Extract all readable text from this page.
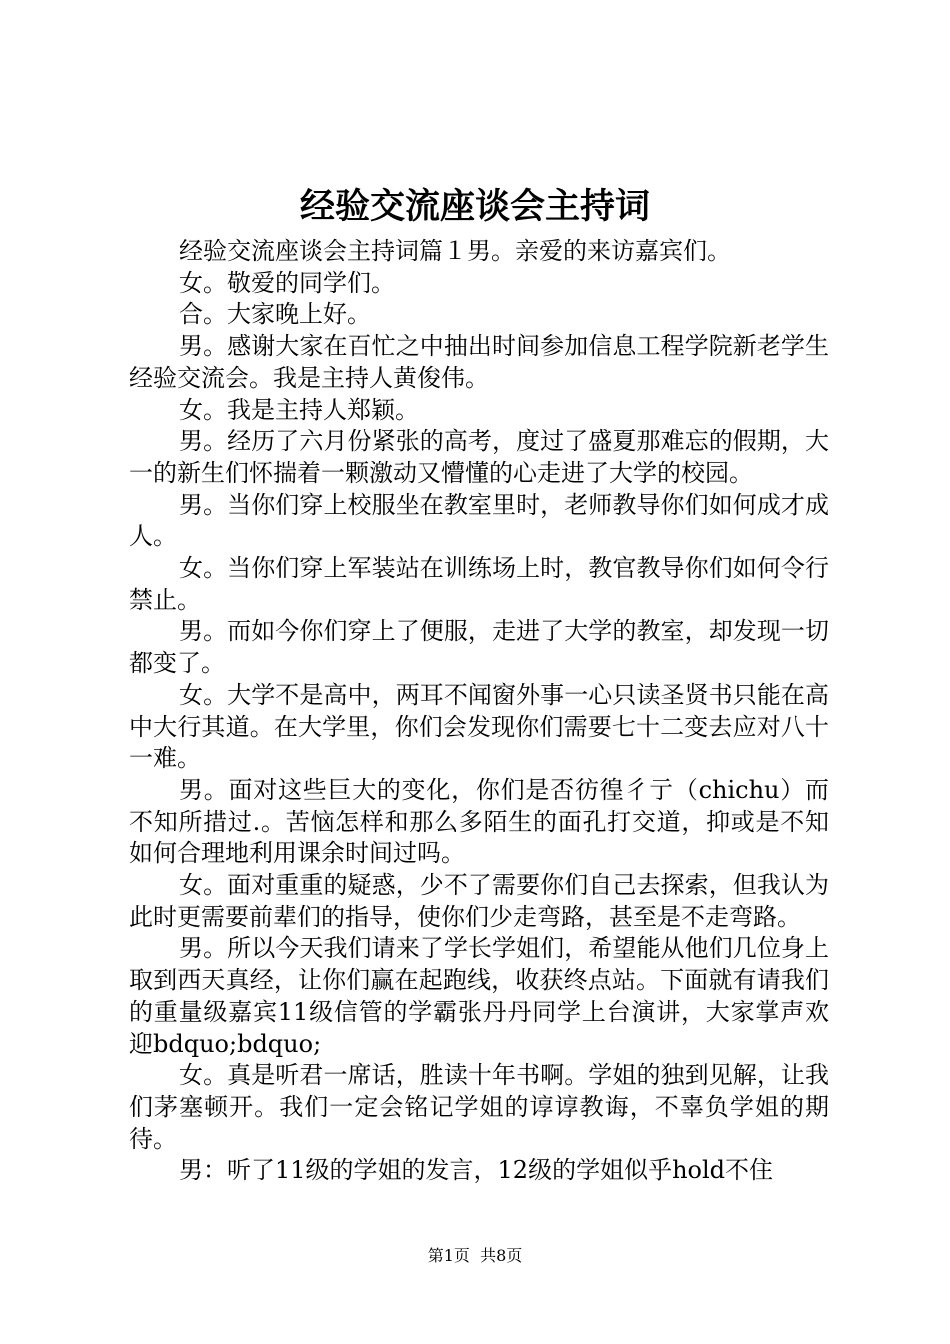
经验交流座谈会主持词

经验交流座谈会主持词篇１男。亲爱的来访嘉宾们。

女。敬爱的同学们。

合。大家晚上好。

男。感谢大家在百忙之中抽出时间参加信息工程学院新老学生经验交流会。我是主持人黄俊伟。

女。我是主持人郑颖。

男。经历了六月份紧张的高考，度过了盛夏那难忘的假期，大一的新生们怀揣着一颗激动又懵懂的心走进了大学的校园。

男。当你们穿上校服坐在教室里时，老师教导你们如何成才成人。

女。当你们穿上军装站在训练场上时，教官教导你们如何令行禁止。

男。而如今你们穿上了便服，走进了大学的教室，却发现一切都变了。

女。大学不是高中，两耳不闻窗外事一心只读圣贤书只能在高中大行其道。在大学里，你们会发现你们需要七十二变去应对八十一难。

男。面对这些巨大的变化，你们是否彷徨彳亍（chichu）而不知所措过.。苦恼怎样和那么多陌生的面孔打交道，抑或是不知如何合理地利用课余时间过吗。

女。面对重重的疑惑，少不了需要你们自己去探索，但我认为此时更需要前辈们的指导，使你们少走弯路，甚至是不走弯路。

男。所以今天我们请来了学长学姐们，希望能从他们几位身上取到西天真经，让你们赢在起跑线，收获终点站。下面就有请我们的重量级嘉宾11级信管的学霸张丹丹同学上台演讲，大家掌声欢迎bdquo;bdquo;

女。真是听君一席话，胜读十年书啊。学姐的独到见解，让我们茅塞顿开。我们一定会铭记学姐的谆谆教诲，不辜负学姐的期待。

男：听了11级的学姐的发言，12级的学姐似乎hold不住

第1页 共8页
